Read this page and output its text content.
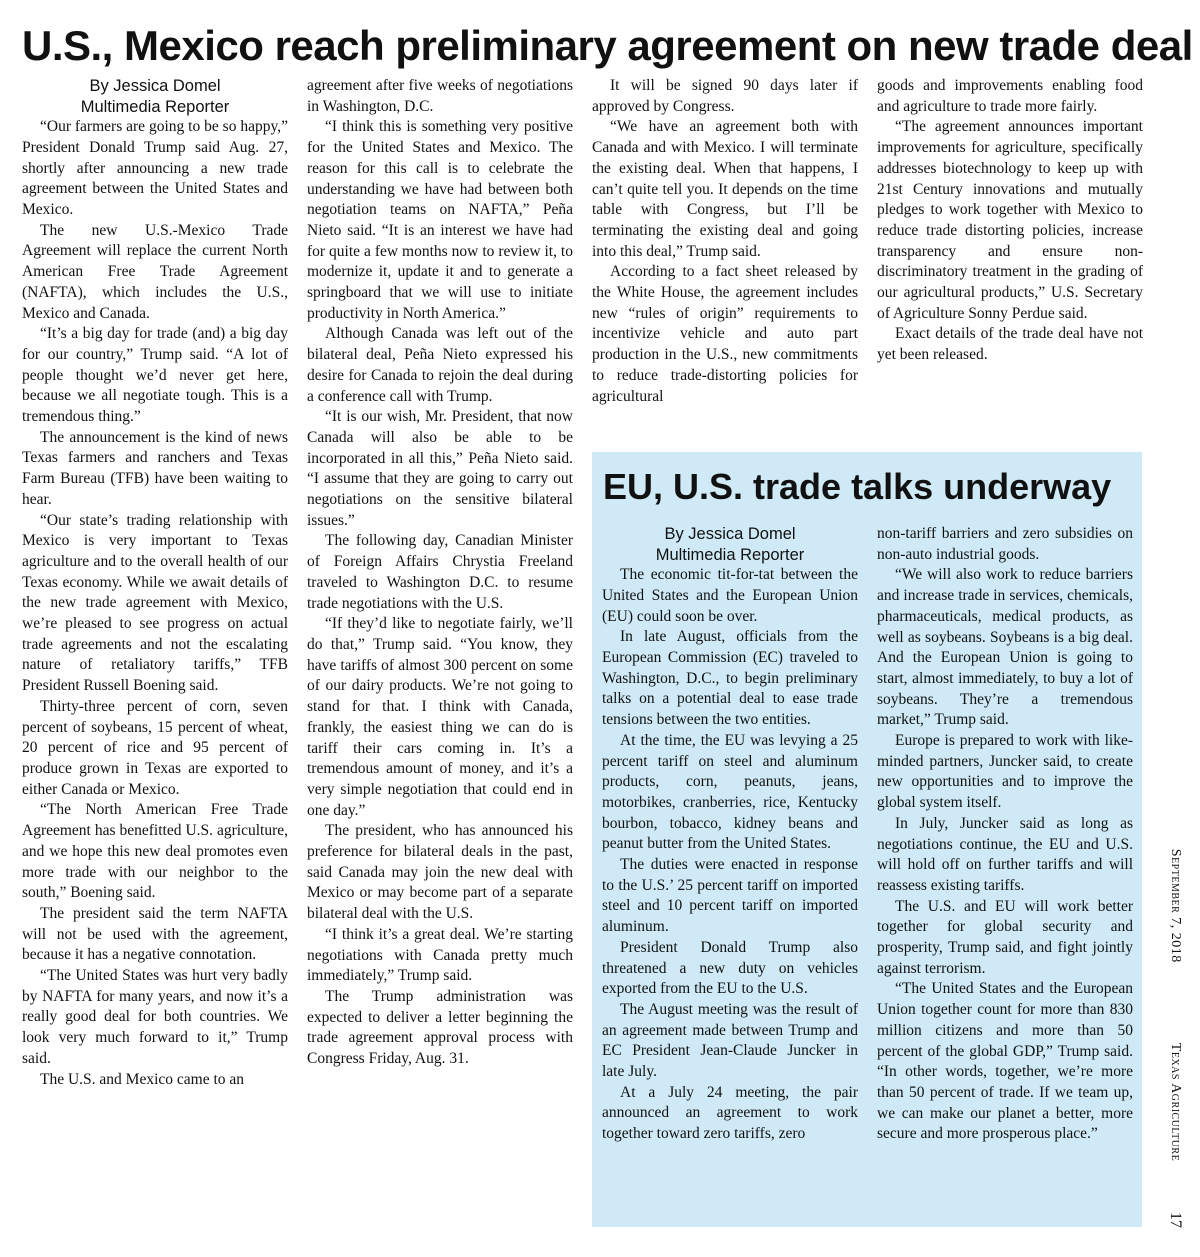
U.S., Mexico reach preliminary agreement on new trade deal
By Jessica Domel
Multimedia Reporter

“Our farmers are going to be so happy,” President Donald Trump said Aug. 27, shortly after announcing a new trade agreement between the United States and Mexico.

The new U.S.-Mexico Trade Agreement will replace the current North American Free Trade Agreement (NAFTA), which includes the U.S., Mexico and Canada.

“It’s a big day for trade (and) a big day for our country,” Trump said. “A lot of people thought we’d never get here, because we all negotiate tough. This is a tremendous thing.”

The announcement is the kind of news Texas farmers and ranchers and Texas Farm Bureau (TFB) have been waiting to hear.

“Our state’s trading relationship with Mexico is very important to Texas agriculture and to the overall health of our Texas economy. While we await details of the new trade agreement with Mexico, we’re pleased to see progress on actual trade agreements and not the escalating nature of retaliatory tariffs,” TFB President Russell Boening said.

Thirty-three percent of corn, seven percent of soybeans, 15 percent of wheat, 20 percent of rice and 95 percent of produce grown in Texas are exported to either Canada or Mexico.

“The North American Free Trade Agreement has benefitted U.S. agriculture, and we hope this new deal promotes even more trade with our neighbor to the south,” Boening said.

The president said the term NAFTA will not be used with the agreement, because it has a negative connotation.

“The United States was hurt very badly by NAFTA for many years, and now it’s a really good deal for both countries. We look very much forward to it,” Trump said.

The U.S. and Mexico came to an

agreement after five weeks of negotiations in Washington, D.C.

“I think this is something very positive for the United States and Mexico. The reason for this call is to celebrate the understanding we have had between both negotiation teams on NAFTA,” Peña Nieto said. “It is an interest we have had for quite a few months now to review it, to modernize it, update it and to generate a springboard that we will use to initiate productivity in North America.”

Although Canada was left out of the bilateral deal, Peña Nieto expressed his desire for Canada to rejoin the deal during a conference call with Trump.

“It is our wish, Mr. President, that now Canada will also be able to be incorporated in all this,” Peña Nieto said. “I assume that they are going to carry out negotiations on the sensitive bilateral issues.”

The following day, Canadian Minister of Foreign Affairs Chrystia Freeland traveled to Washington D.C. to resume trade negotiations with the U.S.

“If they’d like to negotiate fairly, we’ll do that,” Trump said. “You know, they have tariffs of almost 300 percent on some of our dairy products. We’re not going to stand for that. I think with Canada, frankly, the easiest thing we can do is tariff their cars coming in. It’s a tremendous amount of money, and it’s a very simple negotiation that could end in one day.”

The president, who has announced his preference for bilateral deals in the past, said Canada may join the new deal with Mexico or may become part of a separate bilateral deal with the U.S.

“I think it’s a great deal. We’re starting negotiations with Canada pretty much immediately,” Trump said.

The Trump administration was expected to deliver a letter beginning the trade agreement approval process with Congress Friday, Aug. 31.

It will be signed 90 days later if approved by Congress.

“We have an agreement both with Canada and with Mexico. I will terminate the existing deal. When that happens, I can’t quite tell you. It depends on the time table with Congress, but I’ll be terminating the existing deal and going into this deal,” Trump said.

According to a fact sheet released by the White House, the agreement includes new “rules of origin” requirements to incentivize vehicle and auto part production in the U.S., new commitments to reduce trade-distorting policies for agricultural

goods and improvements enabling food and agriculture to trade more fairly.

“The agreement announces important improvements for agriculture, specifically addresses biotechnology to keep up with 21st Century innovations and mutually pledges to work together with Mexico to reduce trade distorting policies, increase transparency and ensure non-discriminatory treatment in the grading of our agricultural products,” U.S. Secretary of Agriculture Sonny Perdue said.

Exact details of the trade deal have not yet been released.

EU, U.S. trade talks underway
By Jessica Domel
Multimedia Reporter

The economic tit-for-tat between the United States and the European Union (EU) could soon be over.

In late August, officials from the European Commission (EC) traveled to Washington, D.C., to begin preliminary talks on a potential deal to ease trade tensions between the two entities.

At the time, the EU was levying a 25 percent tariff on steel and aluminum products, corn, peanuts, jeans, motorbikes, cranberries, rice, Kentucky bourbon, tobacco, kidney beans and peanut butter from the United States.

The duties were enacted in response to the U.S.’ 25 percent tariff on imported steel and 10 percent tariff on imported aluminum.

President Donald Trump also threatened a new duty on vehicles exported from the EU to the U.S.

The August meeting was the result of an agreement made between Trump and EC President Jean-Claude Juncker in late July.

At a July 24 meeting, the pair announced an agreement to work together toward zero tariffs, zero

non-tariff barriers and zero subsidies on non-auto industrial goods.

“We will also work to reduce barriers and increase trade in services, chemicals, pharmaceuticals, medical products, as well as soybeans. Soybeans is a big deal. And the European Union is going to start, almost immediately, to buy a lot of soybeans. They’re a tremendous market,” Trump said.

Europe is prepared to work with like-minded partners, Juncker said, to create new opportunities and to improve the global system itself.

In July, Juncker said as long as negotiations continue, the EU and U.S. will hold off on further tariffs and will reassess existing tariffs.

The U.S. and EU will work better together for global security and prosperity, Trump said, and fight jointly against terrorism.

“The United States and the European Union together count for more than 830 million citizens and more than 50 percent of the global GDP,” Trump said. “In other words, together, we’re more than 50 percent of trade. If we team up, we can make our planet a better, more secure and more prosperous place.”

September 7, 2018Texas Agriculture
17
